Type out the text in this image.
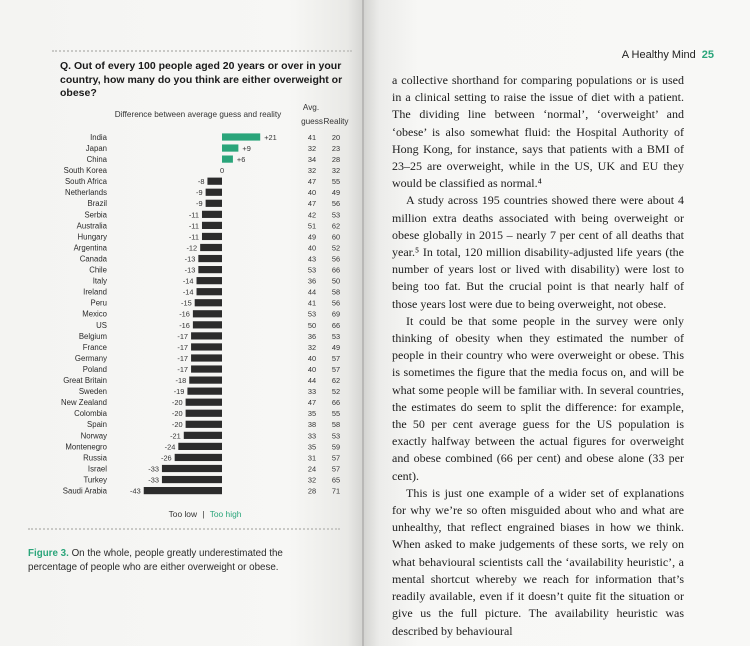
Q. Out of every 100 people aged 20 years or over in your country, how many do you think are either overweight or obese?
Figure 3. On the whole, people greatly underestimated the percentage of people who are either overweight or obese.
Difference between average guess and reality
Avg.
guess Reality
India	+21	41 20
Japan	+9	32 23
China	+6	34 28
South Korea	0	32 32
South Africa	-8	47 55
Netherlands	-9	40 49
Brazil	-9	47 56
Serbia	-11	42 53
Australia	-11	51 62
Hungary	-11	49 60
Argentina	-12	40 52
Canada	-13	43 56
Chile	-13	53 66
Italy	-14	36 50
Ireland	-14	44 58
Peru	-15	41 56
Mexico	-16	53 69
US	-16	50 66
Belgium	-17	36 53
France	-17	32 49
Germany	-17	40 57
Poland	-17	40 57
Great Britain	-18	44 62
Sweden	-19	33 52
New Zealand	-20	47 66
Colombia	-20	35 55
Spain	-20	38 58
Norway	-21	33 53
Montenegro	-24	35 59
Russia	-26	31 57
Israel	-33	24 57
Turkey	-33	32 65
Saudi Arabia	-43	28 71
Too low | Too high
A Healthy Mind 25

a collective shorthand for comparing populations or is used in a clinical setting to raise the issue of diet with a patient. The dividing line between ‘normal’, ‘overweight’ and ‘obese’ is also somewhat fluid: the Hospital Authority of Hong Kong, for instance, says that patients with a BMI of 23–25 are overweight, while in the US, UK and EU they would be classified as normal.⁴

A study across 195 countries showed there were about 4 million extra deaths associated with being overweight or obese globally in 2015 – nearly 7 per cent of all deaths that year.⁵ In total, 120 million disability-adjusted life years (the number of years lost or lived with disability) were lost to being too fat. But the crucial point is that nearly half of those years lost were due to being overweight, not obese.

It could be that some people in the survey were only thinking of obesity when they estimated the number of people in their country who were overweight or obese. This is sometimes the figure that the media focus on, and will be what some people will be familiar with. In several countries, the estimates do seem to split the difference: for example, the 50 per cent average guess for the US population is exactly halfway between the actual figures for overweight and obese combined (66 per cent) and obese alone (33 per cent).

This is just one example of a wider set of explanations for why we’re so often misguided about who and what are unhealthy, that reflect engrained biases in how we think. When asked to make judgements of these sorts, we rely on what behavioural scientists call the ‘availability heuristic’, a mental shortcut whereby we reach for information that’s readily available, even if it doesn’t quite fit the situation or give us the full picture. The availability heuristic was described by behavioural
